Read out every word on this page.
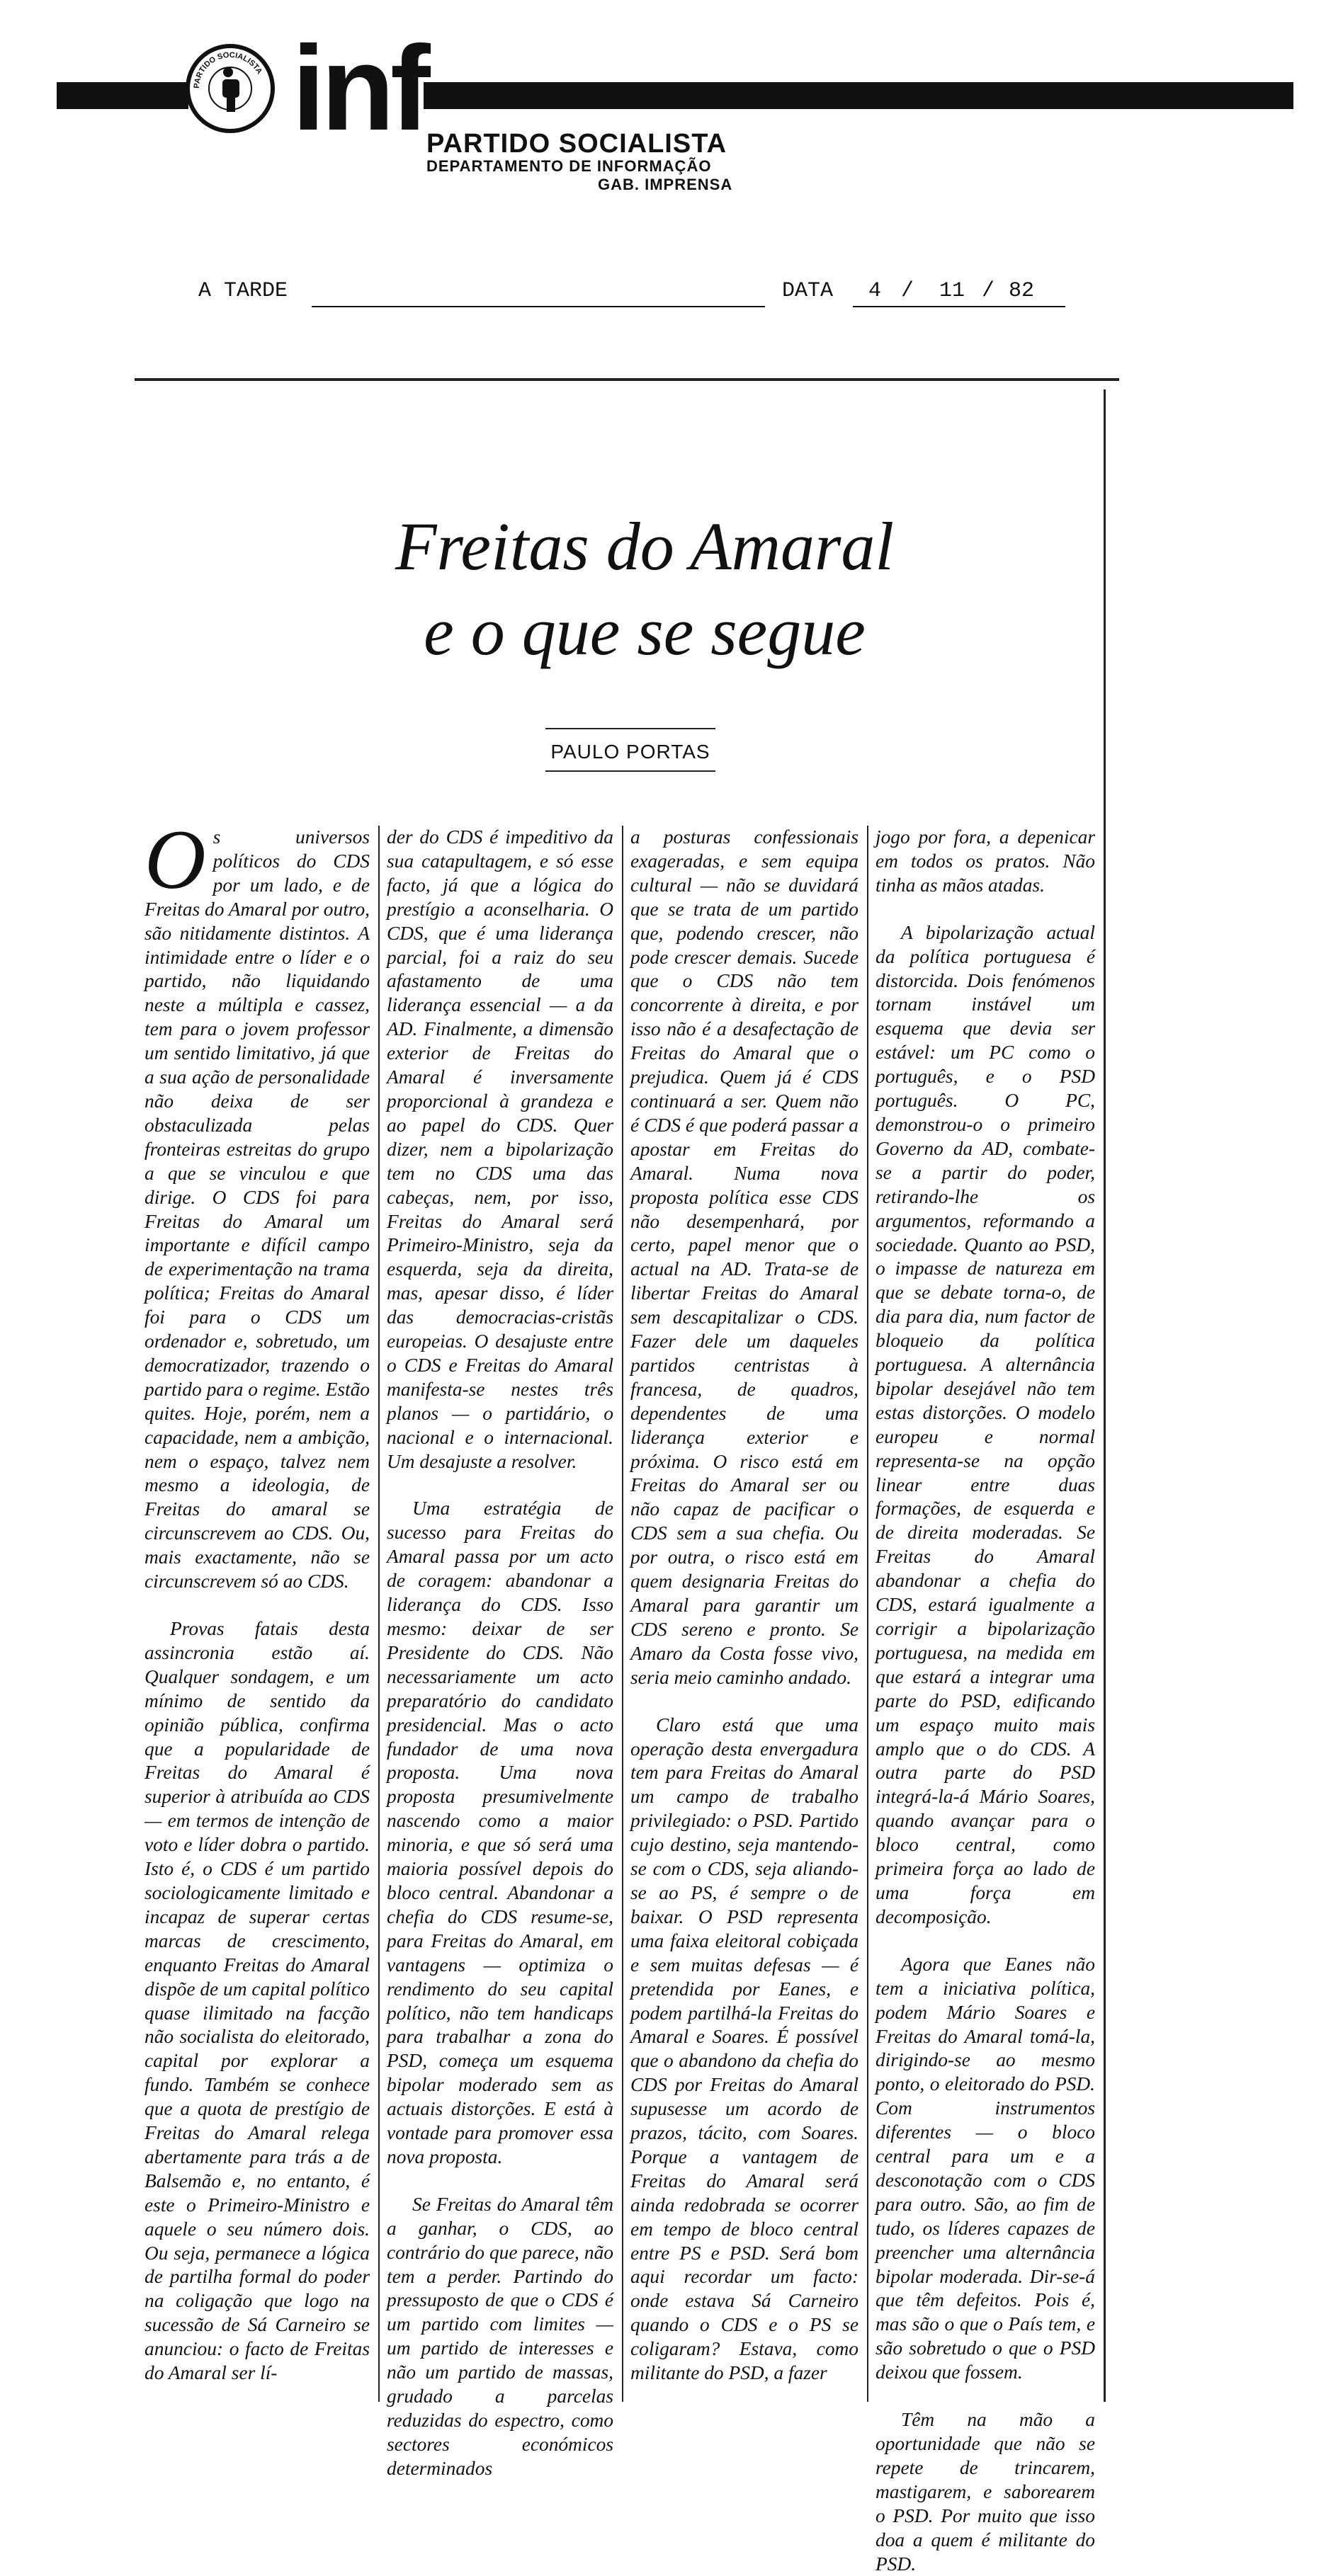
PARTIDO SOCIALISTA inf PARTIDO SOCIALISTA
DEPARTAMENTO DE INFORMAÇÃO
GAB. IMPRENSA
A TARDE	DATA 4 / 11 / 82
Freitas do Amaral
e o que se segue
PAULO PORTAS

Os universos políticos do CDS por um lado, e de Freitas do Amaral por outro, são nitidamente distintos. A intimidade entre o líder e o partido, não liquidando neste a múltipla e cassez, tem para o jovem professor um sentido limitativo, já que a sua ação de personalidade não deixa de ser obstaculizada pelas fronteiras estreitas do grupo a que se vinculou e que dirige. O CDS foi para Freitas do Amaral um importante e difícil campo de experimentação na trama política; Freitas do Amaral foi para o CDS um ordenador e, sobretudo, um democratizador, trazendo o partido para o regime. Estão quites. Hoje, porém, nem a capacidade, nem a ambição, nem o espaço, talvez nem mesmo a ideologia, de Freitas do amaral se circunscrevem ao CDS. Ou, mais exactamente, não se circunscrevem só ao CDS.

Provas fatais desta assincronia estão aí. Qualquer sondagem, e um mínimo de sentido da opinião pública, confirma que a popularidade de Freitas do Amaral é superior à atribuída ao CDS — em termos de intenção de voto e líder dobra o partido. Isto é, o CDS é um partido sociologicamente limitado e incapaz de superar certas marcas de crescimento, enquanto Freitas do Amaral dispõe de um capital político quase ilimitado na facção não socialista do eleitorado, capital por explorar a fundo. Também se conhece que a quota de prestígio de Freitas do Amaral relega abertamente para trás a de Balsemão e, no entanto, é este o Primeiro-Ministro e aquele o seu número dois. Ou seja, permanece a lógica de partilha formal do poder na coligação que logo na sucessão de Sá Carneiro se anunciou: o facto de Freitas do Amaral ser lí-

der do CDS é impeditivo da sua catapultagem, e só esse facto, já que a lógica do prestígio a aconselharia. O CDS, que é uma liderança parcial, foi a raiz do seu afastamento de uma liderança essencial — a da AD. Finalmente, a dimensão exterior de Freitas do Amaral é inversamente proporcional à grandeza e ao papel do CDS. Quer dizer, nem a bipolarização tem no CDS uma das cabeças, nem, por isso, Freitas do Amaral será Primeiro-Ministro, seja da esquerda, seja da direita, mas, apesar disso, é líder das democracias-cristãs europeias. O desajuste entre o CDS e Freitas do Amaral manifesta-se nestes três planos — o partidário, o nacional e o internacional. Um desajuste a resolver.

Uma estratégia de sucesso para Freitas do Amaral passa por um acto de coragem: abandonar a liderança do CDS. Isso mesmo: deixar de ser Presidente do CDS. Não necessariamente um acto preparatório do candidato presidencial. Mas o acto fundador de uma nova proposta. Uma nova proposta presumivelmente nascendo como a maior minoria, e que só será uma maioria possível depois do bloco central. Abandonar a chefia do CDS resume-se, para Freitas do Amaral, em vantagens — optimiza o rendimento do seu capital político, não tem handicaps para trabalhar a zona do PSD, começa um esquema bipolar moderado sem as actuais distorções. E está à vontade para promover essa nova proposta.

Se Freitas do Amaral têm a ganhar, o CDS, ao contrário do que parece, não tem a perder. Partindo do pressuposto de que o CDS é um partido com limites — um partido de interesses e não um partido de massas, grudado a parcelas reduzidas do espectro, como sectores económicos determinados

a posturas confessionais exageradas, e sem equipa cultural — não se duvidará que se trata de um partido que, podendo crescer, não pode crescer demais. Sucede que o CDS não tem concorrente à direita, e por isso não é a desafectação de Freitas do Amaral que o prejudica. Quem já é CDS continuará a ser. Quem não é CDS é que poderá passar a apostar em Freitas do Amaral. Numa nova proposta política esse CDS não desempenhará, por certo, papel menor que o actual na AD. Trata-se de libertar Freitas do Amaral sem descapitalizar o CDS. Fazer dele um daqueles partidos centristas à francesa, de quadros, dependentes de uma liderança exterior e próxima. O risco está em Freitas do Amaral ser ou não capaz de pacificar o CDS sem a sua chefia. Ou por outra, o risco está em quem designaria Freitas do Amaral para garantir um CDS sereno e pronto. Se Amaro da Costa fosse vivo, seria meio caminho andado.

Claro está que uma operação desta envergadura tem para Freitas do Amaral um campo de trabalho privilegiado: o PSD. Partido cujo destino, seja mantendo-se com o CDS, seja aliando-se ao PS, é sempre o de baixar. O PSD representa uma faixa eleitoral cobiçada e sem muitas defesas — é pretendida por Eanes, e podem partilhá-la Freitas do Amaral e Soares. É possível que o abandono da chefia do CDS por Freitas do Amaral supusesse um acordo de prazos, tácito, com Soares. Porque a vantagem de Freitas do Amaral será ainda redobrada se ocorrer em tempo de bloco central entre PS e PSD. Será bom aqui recordar um facto: onde estava Sá Carneiro quando o CDS e o PS se coligaram? Estava, como militante do PSD, a fazer

jogo por fora, a depenicar em todos os pratos. Não tinha as mãos atadas.

A bipolarização actual da política portuguesa é distorcida. Dois fenómenos tornam instável um esquema que devia ser estável: um PC como o português, e o PSD português. O PC, demonstrou-o o primeiro Governo da AD, combate-se a partir do poder, retirando-lhe os argumentos, reformando a sociedade. Quanto ao PSD, o impasse de natureza em que se debate torna-o, de dia para dia, num factor de bloqueio da política portuguesa. A alternância bipolar desejável não tem estas distorções. O modelo europeu e normal representa-se na opção linear entre duas formações, de esquerda e de direita moderadas. Se Freitas do Amaral abandonar a chefia do CDS, estará igualmente a corrigir a bipolarização portuguesa, na medida em que estará a integrar uma parte do PSD, edificando um espaço muito mais amplo que o do CDS. A outra parte do PSD integrá-la-á Mário Soares, quando avançar para o bloco central, como primeira força ao lado de uma força em decomposição.

Agora que Eanes não tem a iniciativa política, podem Mário Soares e Freitas do Amaral tomá-la, dirigindo-se ao mesmo ponto, o eleitorado do PSD. Com instrumentos diferentes — o bloco central para um e a desconotação com o CDS para outro. São, ao fim de tudo, os líderes capazes de preencher uma alternância bipolar moderada. Dir-se-á que têm defeitos. Pois é, mas são o que o País tem, e são sobretudo o que o PSD deixou que fossem.

Têm na mão a oportunidade que não se repete de trincarem, mastigarem, e saborearem o PSD. Por muito que isso doa a quem é militante do PSD.
